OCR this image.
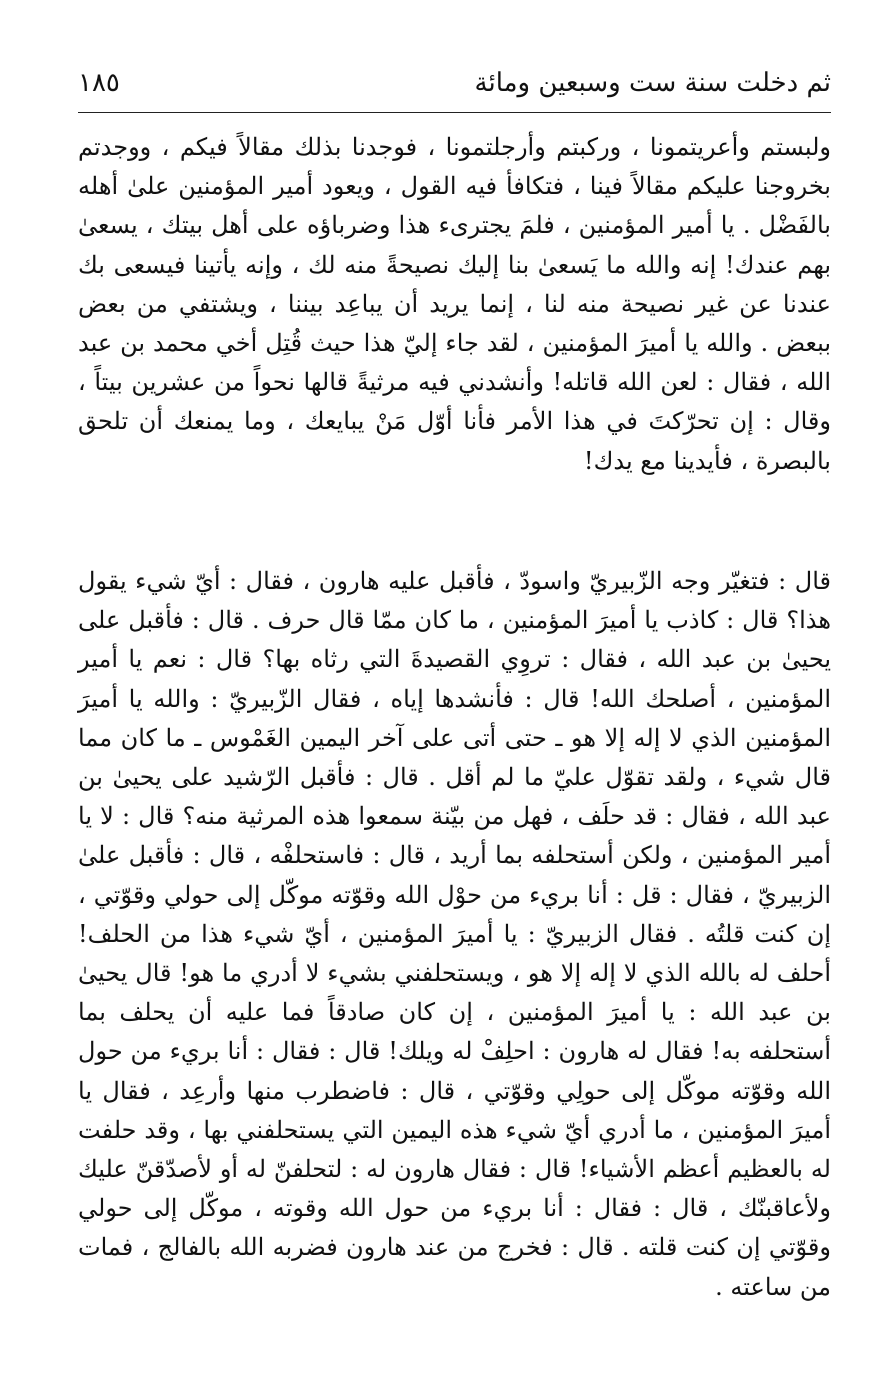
ثم دخلت سنة ست وسبعين ومائة
١٨٥

ولبستم وأعريتمونا ، وركبتم وأرجلتمونا ، فوجدنا بذلك مقالاً فيكم ، ووجدتم بخروجنا عليكم مقالاً فينا ، فتكافأ فيه القول ، ويعود أمير المؤمنين علىٰ أهله بالفَضْل . يا أمير المؤمنين ، فلمَ يجترىء هذا وضرباؤه على أهل بيتك ، يسعىٰ بهم عندك! إنه والله ما يَسعىٰ بنا إليك نصيحةً منه لك ، وإنه يأتينا فيسعى بك عندنا عن غير نصيحة منه لنا ، إنما يريد أن يباعِد بيننا ، ويشتفي من بعض ببعض . والله يا أميرَ المؤمنين ، لقد جاء إليّ هذا حيث قُتِل أخي محمد بن عبد الله ، فقال : لعن الله قاتله! وأنشدني فيه مرثيةً قالها نحواً من عشرين بيتاً ، وقال : إن تحرّكتَ في هذا الأمر فأنا أوّل مَنْ يبايعك ، وما يمنعك أن تلحق بالبصرة ، فأيدينا مع يدك!

قال : فتغيّر وجه الزّبيريّ واسودّ ، فأقبل عليه هارون ، فقال : أيّ شيء يقول هذا؟ قال : كاذب يا أميرَ المؤمنين ، ما كان ممّا قال حرف . قال : فأقبل على يحيىٰ بن عبد الله ، فقال : تروِي القصيدةَ التي رثاه بها؟ قال : نعم يا أمير المؤمنين ، أصلحك الله! قال : فأنشدها إياه ، فقال الزّبيريّ : والله يا أميرَ المؤمنين الذي لا إله إلا هو ـ حتى أتى على آخر اليمين الغَمْوس ـ ما كان مما قال شيء ، ولقد تقوّل عليّ ما لم أقل . قال : فأقبل الرّشيد على يحيىٰ بن عبد الله ، فقال : قد حلَف ، فهل من بيّنة سمعوا هذه المرثية منه؟ قال : لا يا أمير المؤمنين ، ولكن أستحلفه بما أريد ، قال : فاستحلفْه ، قال : فأقبل علىٰ الزبيريّ ، فقال : قل : أنا بريء من حوْل الله وقوّته موكّل إلى حولي وقوّتي ، إن كنت قلتُه . فقال الزبيريّ : يا أميرَ المؤمنين ، أيّ شيء هذا من الحلف! أحلف له بالله الذي لا إله إلا هو ، ويستحلفني بشيء لا أدري ما هو! قال يحيىٰ بن عبد الله : يا أميرَ المؤمنين ، إن كان صادقاً فما عليه أن يحلف بما أستحلفه به! فقال له هارون : احلِفْ له ويلك! قال : فقال : أنا بريء من حول الله وقوّته موكّل إلى حولِي وقوّتي ، قال : فاضطرب منها وأرعِد ، فقال يا أميرَ المؤمنين ، ما أدري أيّ شيء هذه اليمين التي يستحلفني بها ، وقد حلفت له بالعظيم أعظم الأشياء! قال : فقال هارون له : لتحلفنّ له أو لأصدّقنّ عليك ولأعاقبنّك ، قال : فقال : أنا بريء من حول الله وقوته ، موكّل إلى حولي وقوّتي إن كنت قلته . قال : فخرج من عند هارون فضربه الله بالفالج ، فمات من ساعته .
